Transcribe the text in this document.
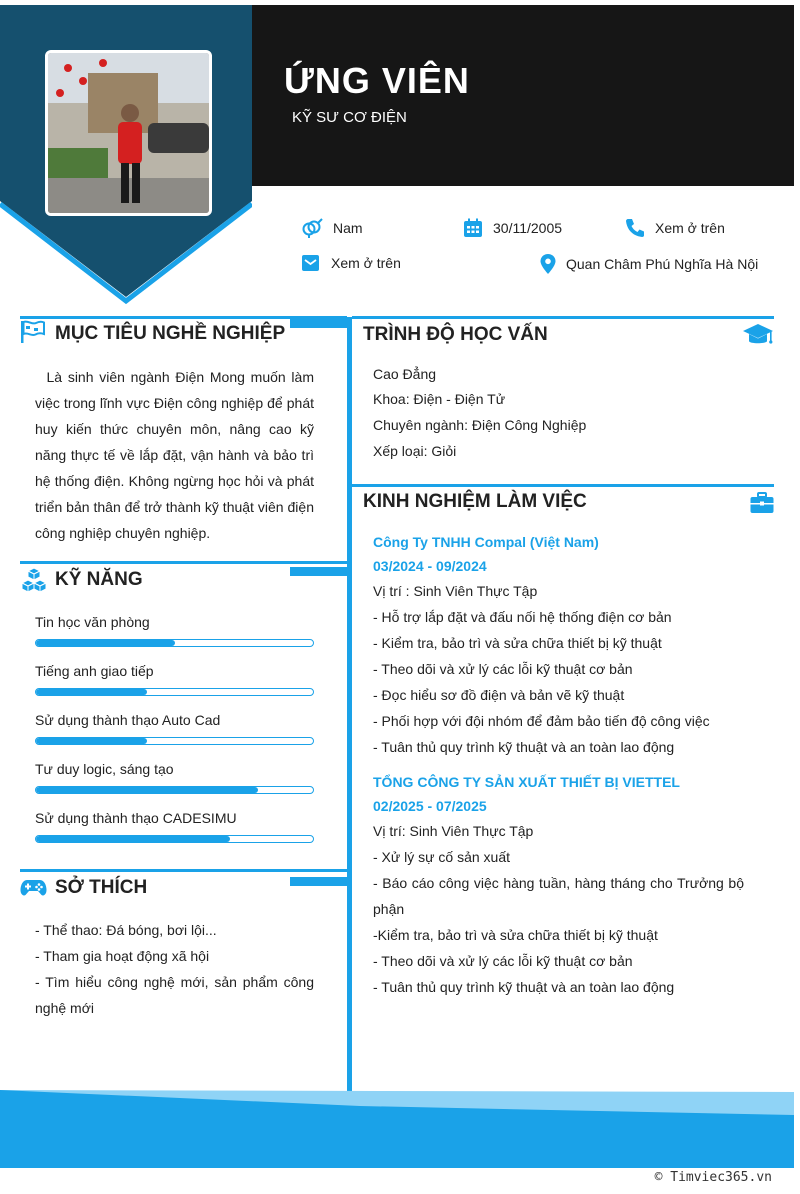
ỨNG VIÊN
KỸ SƯ CƠ ĐIỆN
Nam	30/11/2005	Xem ở trên
Xem ở trên	Quan Châm Phú Nghĩa Hà Nội
MỤC TIÊU NGHỀ NGHIỆP
Là sinh viên ngành Điện Mong muốn làm việc trong lĩnh vực Điện công nghiệp để phát huy kiến thức chuyên môn, nâng cao kỹ năng thực tế về lắp đặt, vận hành và bảo trì hệ thống điện. Không ngừng học hỏi và phát triển bản thân để trở thành kỹ thuật viên điện công nghiệp chuyên nghiệp.
KỸ NĂNG
Tin học văn phòng
Tiếng anh giao tiếp
Sử dụng thành thạo Auto Cad
Tư duy logic, sáng tạo
Sử dụng thành thạo CADESIMU
SỞ THÍCH
- Thể thao: Đá bóng, bơi lội...
- Tham gia hoạt động xã hội
- Tìm hiểu công nghệ mới, sản phẩm công
nghệ mới
TRÌNH ĐỘ HỌC VẤN
Cao Đẳng
Khoa: Điện - Điện Tử
Chuyên ngành: Điện Công Nghiệp
Xếp loại: Giỏi
KINH NGHIỆM LÀM VIỆC
Công Ty TNHH Compal (Việt Nam)
03/2024 - 09/2024
Vị trí : Sinh Viên Thực Tập
- Hỗ trợ lắp đặt và đấu nối hệ thống điện cơ bản
- Kiểm tra, bảo trì và sửa chữa thiết bị kỹ thuật
- Theo dõi và xử lý các lỗi kỹ thuật cơ bản
- Đọc hiểu sơ đồ điện và bản vẽ kỹ thuật
- Phối hợp với đội nhóm để đảm bảo tiến độ công việc
- Tuân thủ quy trình kỹ thuật và an toàn lao động
TỔNG CÔNG TY SẢN XUẤT THIẾT BỊ VIETTEL
02/2025 - 07/2025
Vị trí: Sinh Viên Thực Tập
- Xử lý sự cố sản xuất
- Báo cáo công việc hàng tuần, hàng tháng cho Trưởng bộ
phận
-Kiểm tra, bảo trì và sửa chữa thiết bị kỹ thuật
- Theo dõi và xử lý các lỗi kỹ thuật cơ bản
- Tuân thủ quy trình kỹ thuật và an toàn lao động
© Timviec365.vn
